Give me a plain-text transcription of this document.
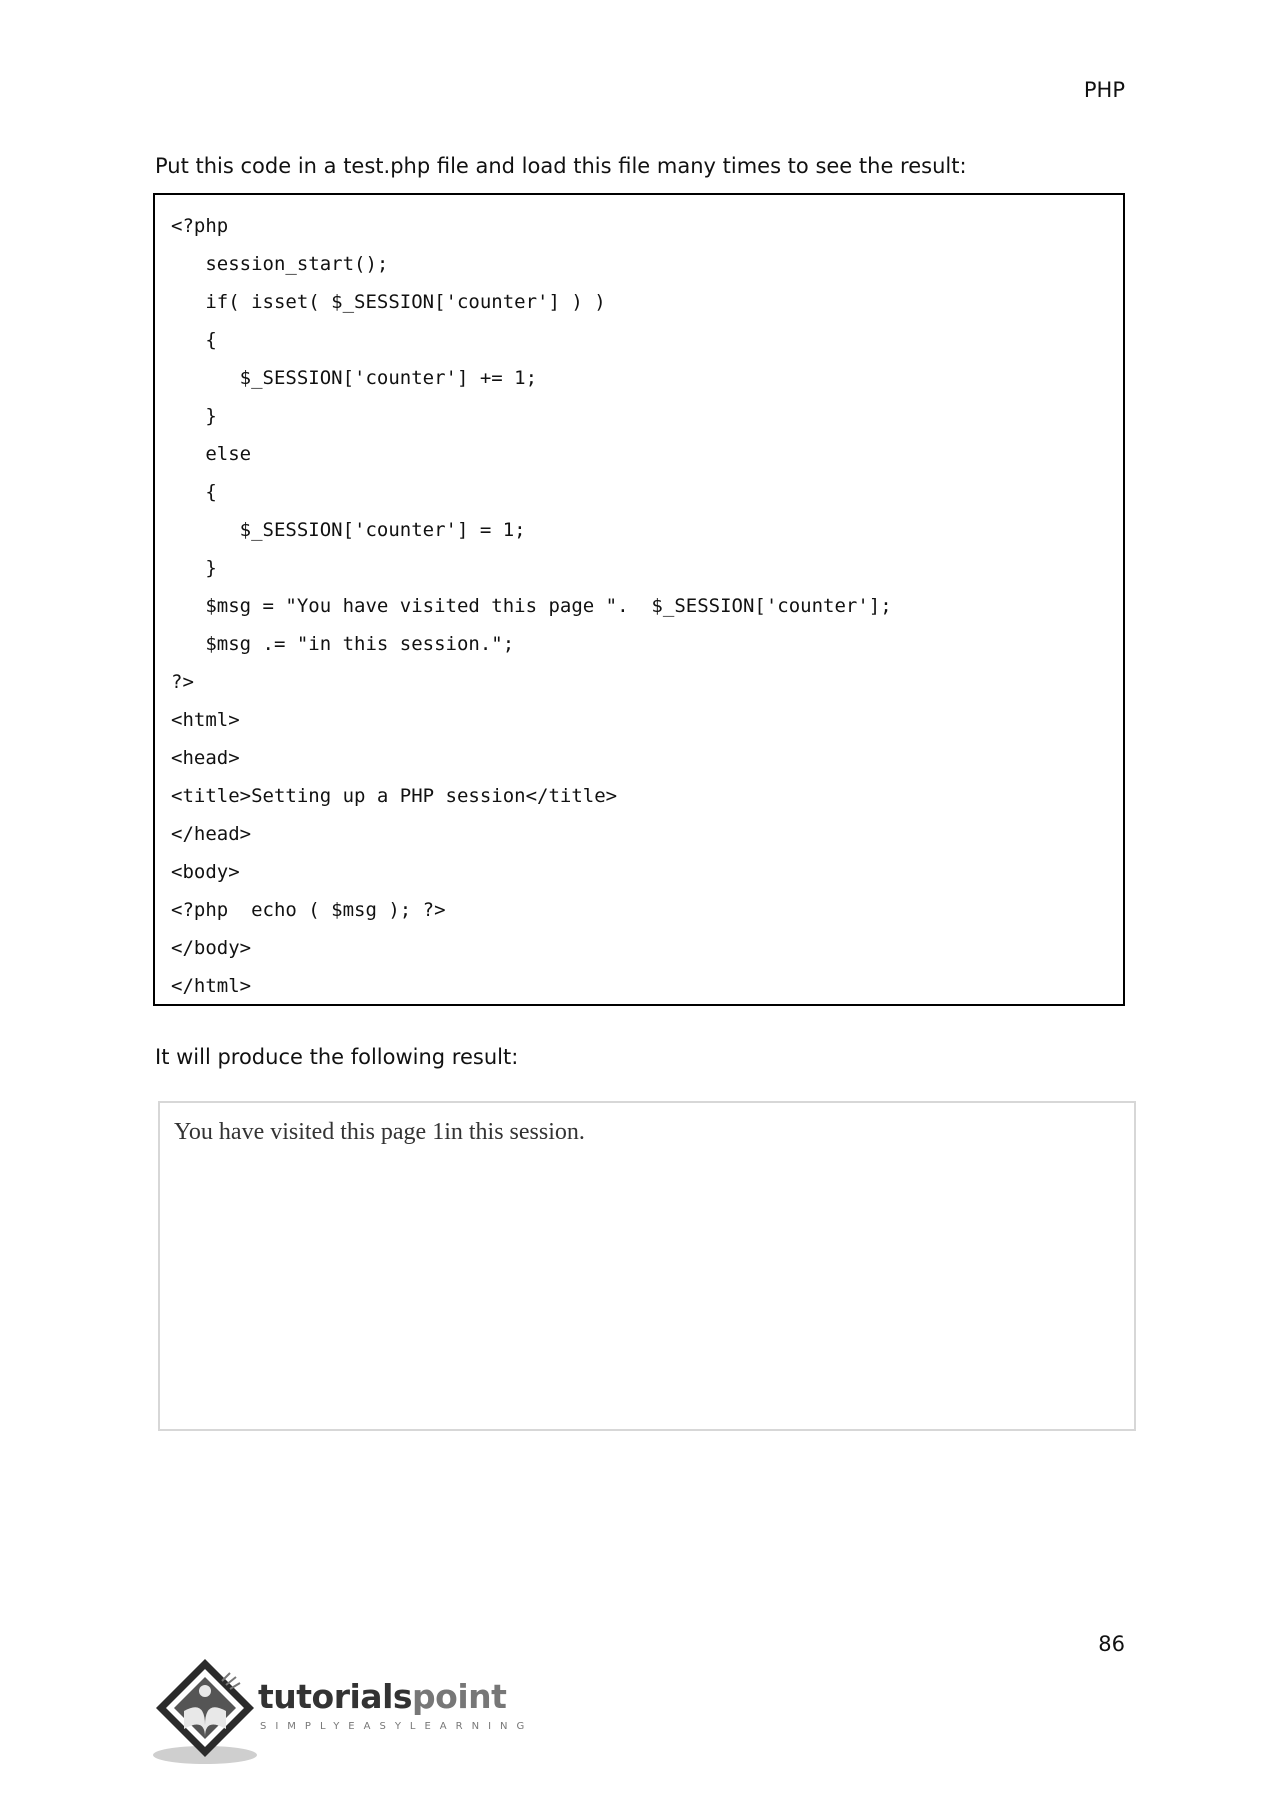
PHP
Put this code in a test.php file and load this file many times to see the result:
<?php
session_start();
if( isset( $_SESSION['counter'] ) )
{
$_SESSION['counter'] += 1;
}
else
{
$_SESSION['counter'] = 1;
}
$msg = "You have visited this page ".  $_SESSION['counter'];
$msg .= "in this session.";
?>
<html>
<head>
<title>Setting up a PHP session</title>
</head>
<body>
<?php  echo ( $msg ); ?>
</body>
</html>
It will produce the following result:
You have visited this page 1in this session.
86
tutorialspoint
SIMPLYEASYLEARNING
